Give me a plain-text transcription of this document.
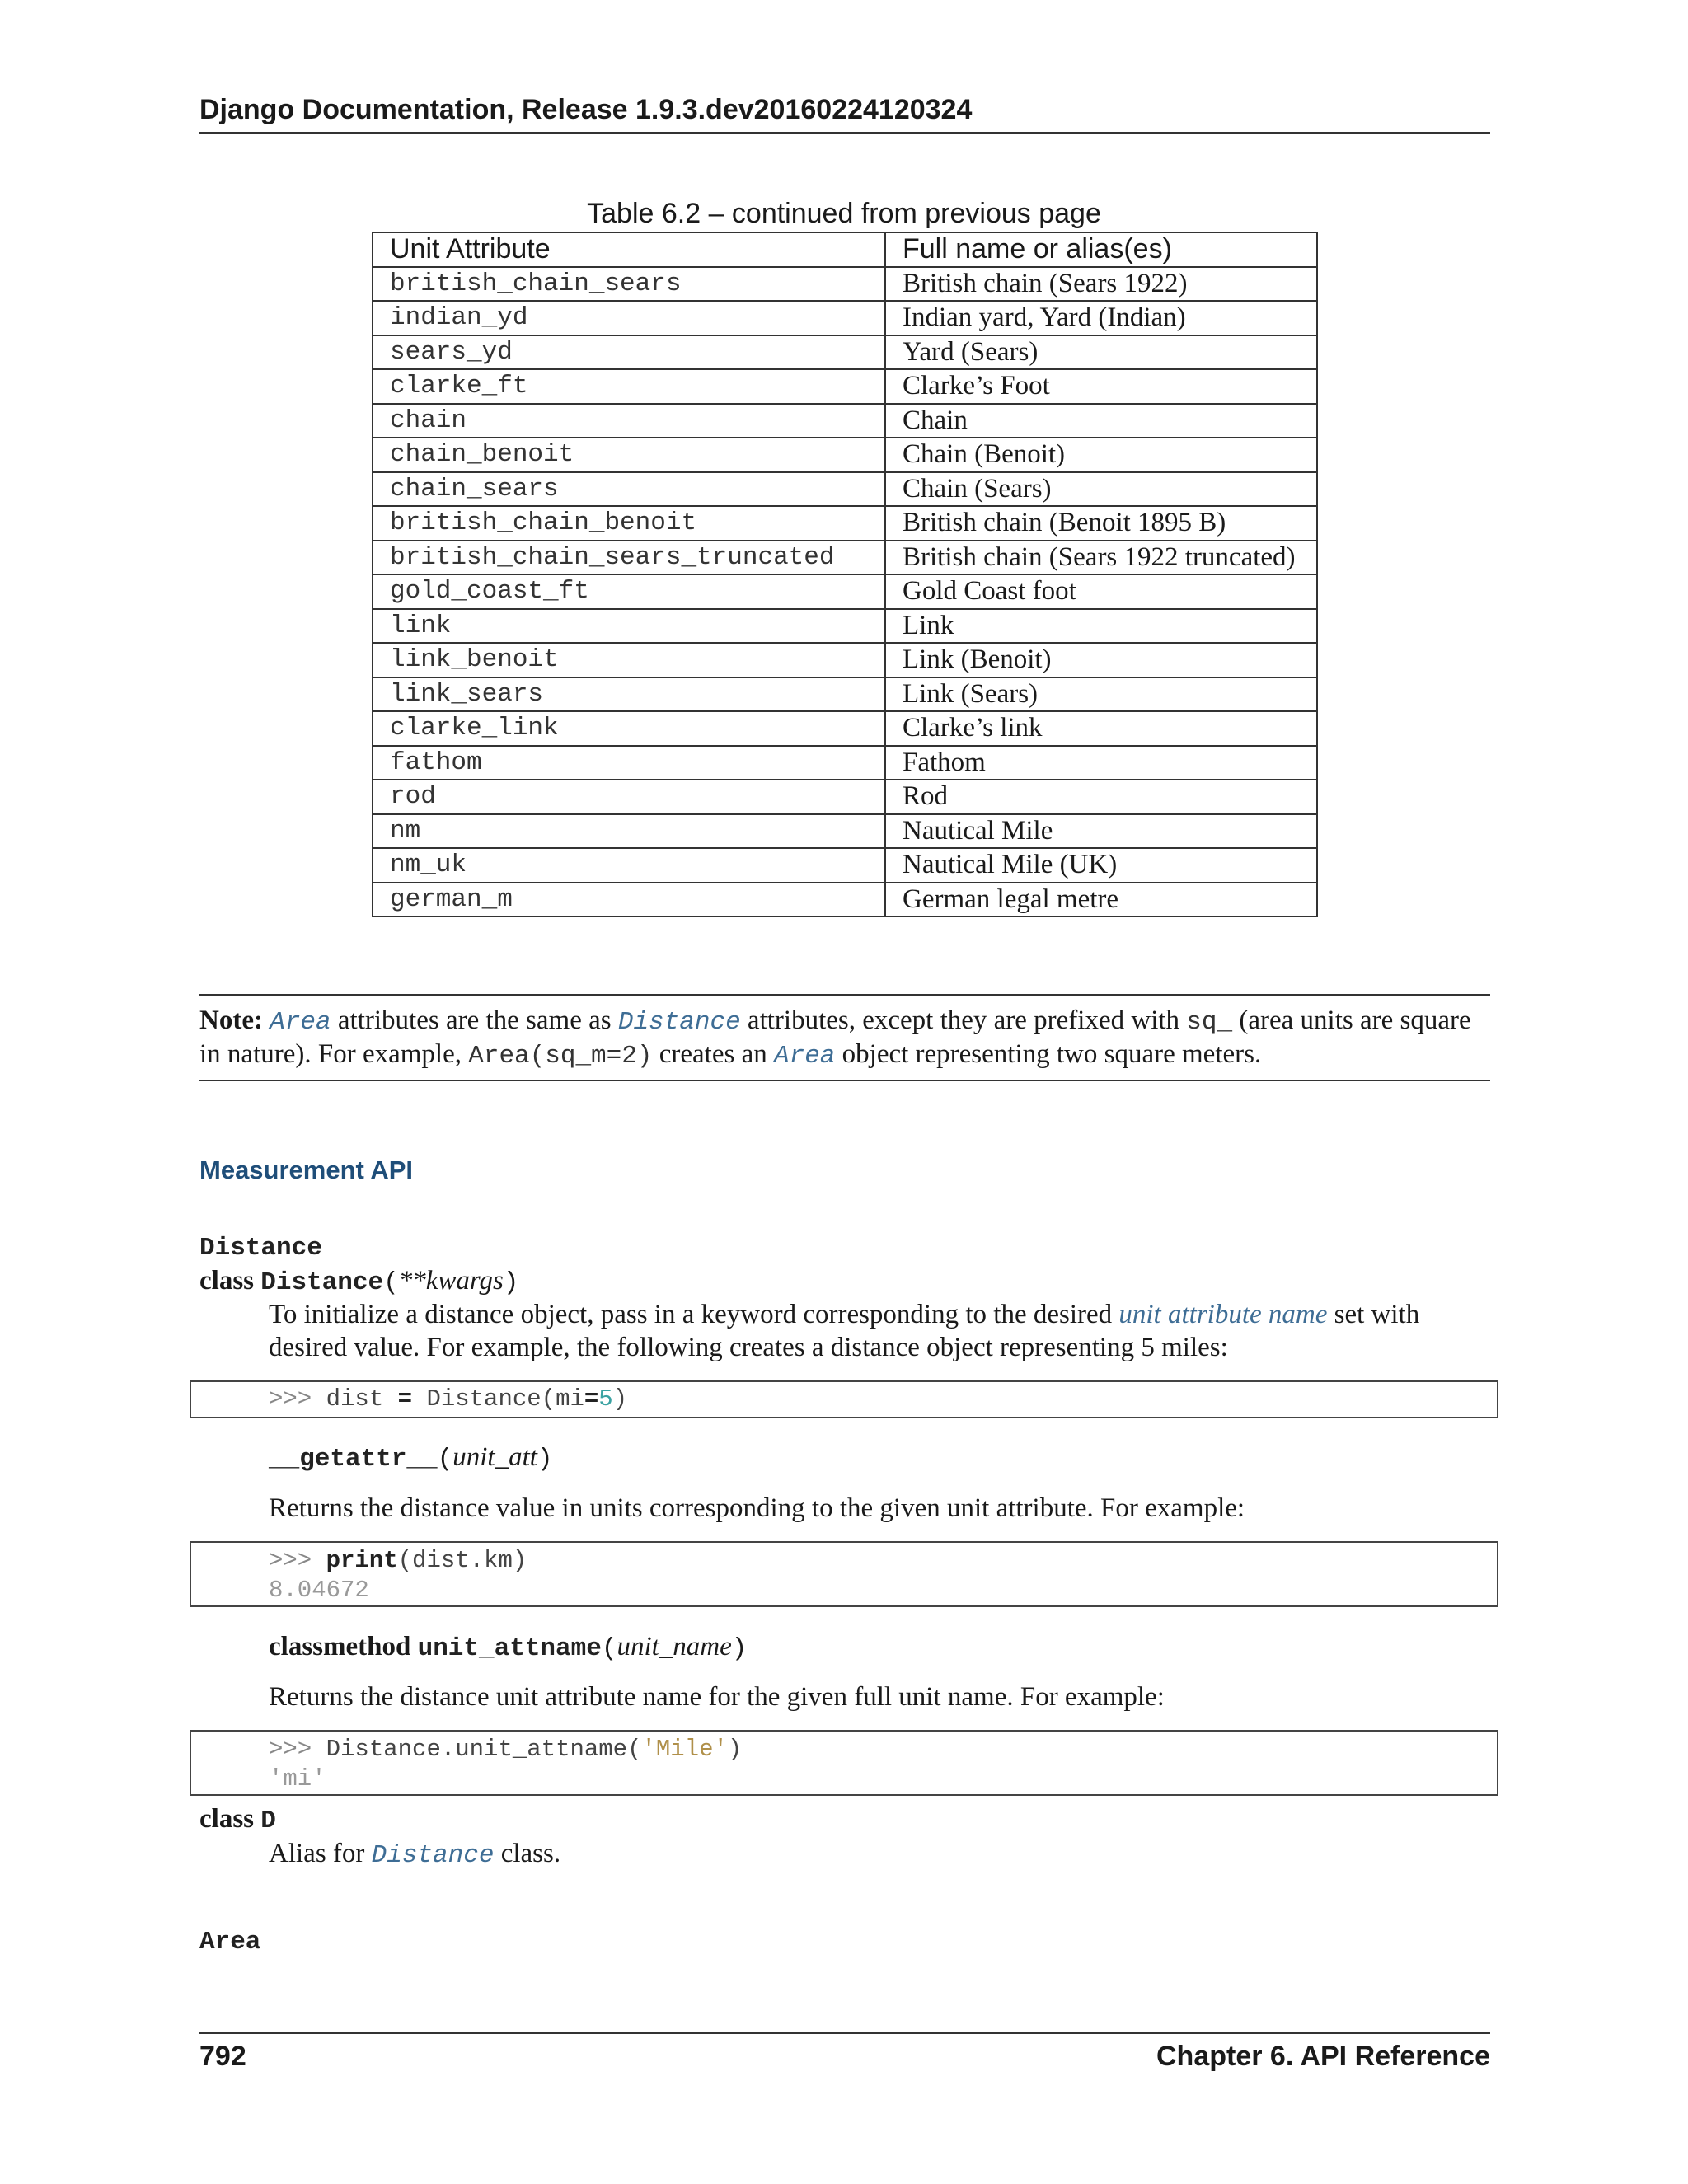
Django Documentation, Release 1.9.3.dev20160224120324
Table 6.2 – continued from previous page
Unit Attribute	Full name or alias(es)
british_chain_sears	British chain (Sears 1922)
indian_yd	Indian yard, Yard (Indian)
sears_yd	Yard (Sears)
clarke_ft	Clarke’s Foot
chain	Chain
chain_benoit	Chain (Benoit)
chain_sears	Chain (Sears)
british_chain_benoit	British chain (Benoit 1895 B)
british_chain_sears_truncated	British chain (Sears 1922 truncated)
gold_coast_ft	Gold Coast foot
link	Link
link_benoit	Link (Benoit)
link_sears	Link (Sears)
clarke_link	Clarke’s link
fathom	Fathom
rod	Rod
nm	Nautical Mile
nm_uk	Nautical Mile (UK)
german_m	German legal metre
Note: Area attributes are the same as Distance attributes, except they are prefixed with sq_ (area units are square in nature). For example, Area(sq_m=2) creates an Area object representing two square meters.
Measurement API
Distance
class Distance(**kwargs)
To initialize a distance object, pass in a keyword corresponding to the desired unit attribute name set with desired value. For example, the following creates a distance object representing 5 miles:
>>> dist = Distance(mi=5)
__getattr__(unit_att)
Returns the distance value in units corresponding to the given unit attribute. For example:
>>> print(dist.km)
8.04672
classmethod unit_attname(unit_name)
Returns the distance unit attribute name for the given full unit name. For example:
>>> Distance.unit_attname('Mile')
'mi'
class D
Alias for Distance class.
Area
792	Chapter 6. API Reference
